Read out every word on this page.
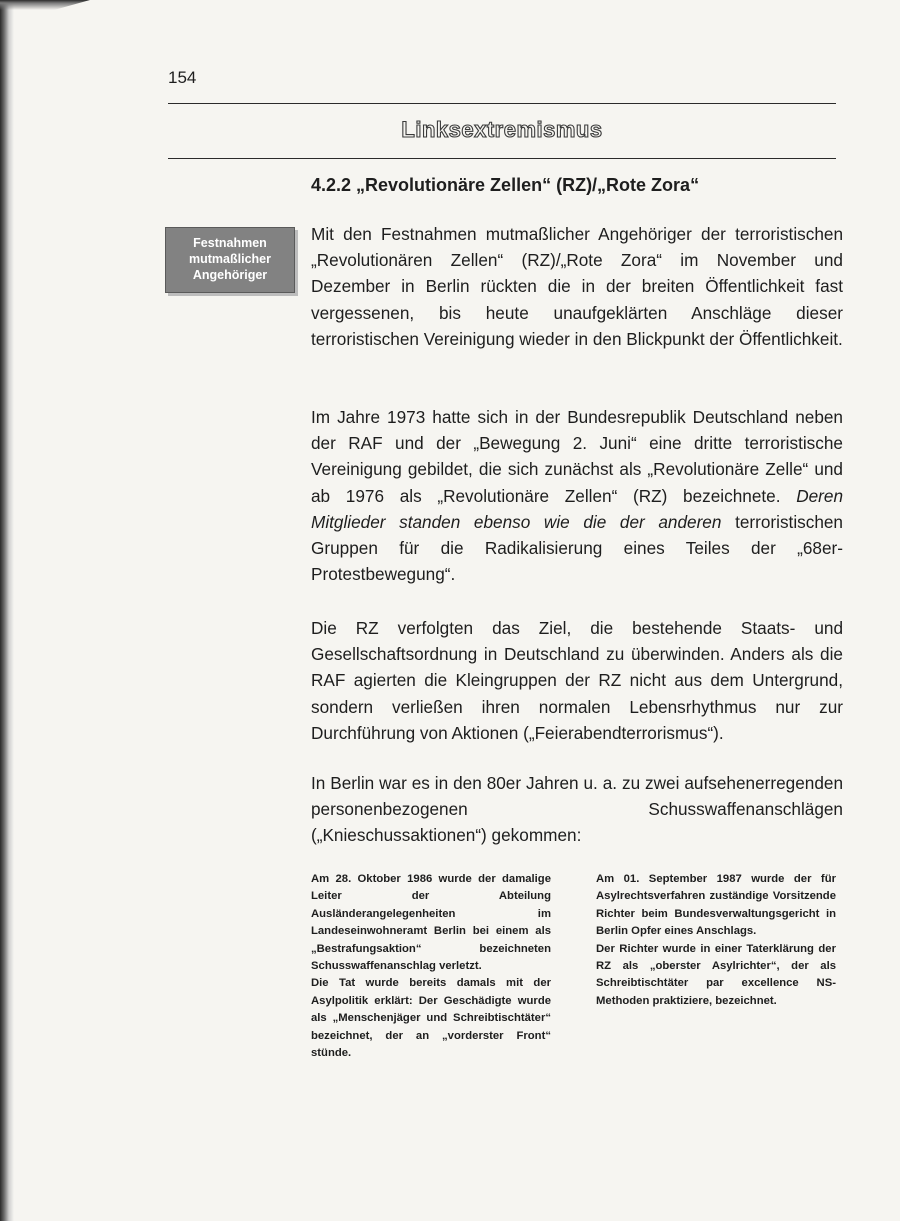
154
Linksextremismus
4.2.2 „Revolutionäre Zellen“ (RZ)/„Rote Zora“
Festnahmen
mutmaßlicher
Angehöriger

Mit den Festnahmen mutmaßlicher Angehöriger der terroristischen „Revolutionären Zellen“ (RZ)/„Rote Zora“ im November und Dezember in Berlin rückten die in der breiten Öffentlichkeit fast vergessenen, bis heute unaufgeklärten Anschläge dieser terroristischen Vereinigung wieder in den Blickpunkt der Öffentlichkeit.

Im Jahre 1973 hatte sich in der Bundesrepublik Deutschland neben der RAF und der „Bewegung 2. Juni“ eine dritte terroristische Vereinigung gebildet, die sich zunächst als „Revolutionäre Zelle“ und ab 1976 als „Revolutionäre Zellen“ (RZ) bezeichnete. Deren Mitglieder standen ebenso wie die der anderen terroristischen Gruppen für die Radikalisierung eines Teiles der „68er-Protestbewegung“.

Die RZ verfolgten das Ziel, die bestehende Staats- und Gesellschaftsordnung in Deutschland zu überwinden. Anders als die RAF agierten die Kleingruppen der RZ nicht aus dem Untergrund, sondern verließen ihren normalen Lebensrhythmus nur zur Durchführung von Aktionen („Feierabendterrorismus“).

In Berlin war es in den 80er Jahren u. a. zu zwei aufsehenerregenden personenbezogenen Schusswaffenanschlägen („Knieschussaktionen“) gekommen:

Am 28. Oktober 1986 wurde der damalige Leiter der Abteilung Ausländerangelegenheiten im Landeseinwohneramt Berlin bei einem als „Bestrafungsaktion“ bezeichneten Schusswaffenanschlag verletzt.

Die Tat wurde bereits damals mit der Asylpolitik erklärt: Der Geschädigte wurde als „Menschenjäger und Schreibtischtäter“ bezeichnet, der an „vorderster Front“ stünde.

Am 01. September 1987 wurde der für Asylrechtsverfahren zuständige Vorsitzende Richter beim Bundesverwaltungsgericht in Berlin Opfer eines Anschlags.

Der Richter wurde in einer Taterklärung der RZ als „oberster Asylrichter“, der als Schreibtischtäter par excellence NS-Methoden praktiziere, bezeichnet.
